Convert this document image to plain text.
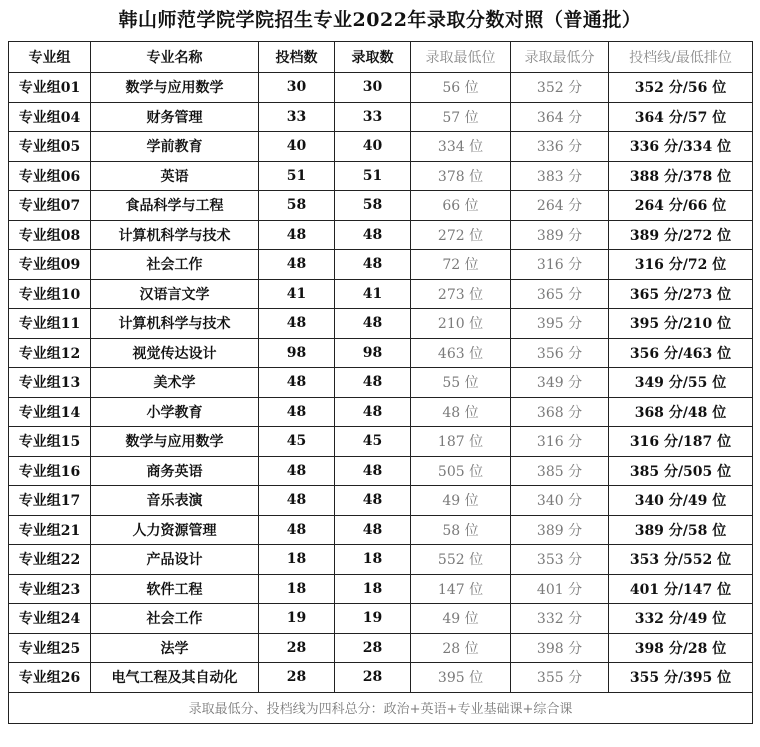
韩山师范学院学院招生专业2022年录取分数对照（普通批）
专业组	专业名称	投档数	录取数	录取最低位	录取最低分	投档线/最低排位
专业组01	数学与应用数学	30	30	56 位	352 分	352 分/56 位
专业组04	财务管理	33	33	57 位	364 分	364 分/57 位
专业组05	学前教育	40	40	334 位	336 分	336 分/334 位
专业组06	英语	51	51	378 位	383 分	388 分/378 位
专业组07	食品科学与工程	58	58	66 位	264 分	264 分/66 位
专业组08	计算机科学与技术	48	48	272 位	389 分	389 分/272 位
专业组09	社会工作	48	48	72 位	316 分	316 分/72 位
专业组10	汉语言文学	41	41	273 位	365 分	365 分/273 位
专业组11	计算机科学与技术	48	48	210 位	395 分	395 分/210 位
专业组12	视觉传达设计	98	98	463 位	356 分	356 分/463 位
专业组13	美术学	48	48	55 位	349 分	349 分/55 位
专业组14	小学教育	48	48	48 位	368 分	368 分/48 位
专业组15	数学与应用数学	45	45	187 位	316 分	316 分/187 位
专业组16	商务英语	48	48	505 位	385 分	385 分/505 位
专业组17	音乐表演	48	48	49 位	340 分	340 分/49 位
专业组21	人力资源管理	48	48	58 位	389 分	389 分/58 位
专业组22	产品设计	18	18	552 位	353 分	353 分/552 位
专业组23	软件工程	18	18	147 位	401 分	401 分/147 位
专业组24	社会工作	19	19	49 位	332 分	332 分/49 位
专业组25	法学	28	28	28 位	398 分	398 分/28 位
专业组26	电气工程及其自动化	28	28	395 位	355 分	355 分/395 位
录取最低分、投档线为四科总分：政治+英语+专业基础课+综合课						
